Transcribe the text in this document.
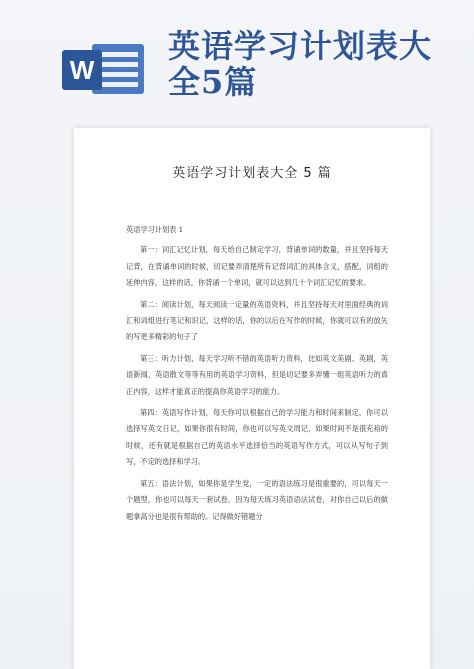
W
英语学习计划表大全5篇
英语学习计划表大全 5 篇

英语学习计划表 1

第一：词汇记忆计划，每天给自己制定学习，背诵单词的数量，并且坚持每天记背，在背诵单词的时候，切记要弄清楚所有记背词汇的具体含义，搭配，词组的延伸内容，这样的话，你背诵一个单词，就可以达到几十个词汇记忆的要求。

第二：阅读计划，每天阅读一定量的英语资料，并且坚持每天对里面经典的词汇和词组进行笔记和识记，这样的话，你的以后在写作的时候，你就可以有的放矢的写更多精彩的句子了

第三：听力计划，每天学习听不错的英语听力资料，比如英文美剧、英剧，英语新闻，英语散文等等有用的英语学习资料，但是切记要多弄懂一组英语听力的真正内容，这样才能真正的提高你英语学习的能力。

第四：英语写作计划，每天你可以根据自己的学习能力和时间来制定，你可以选择写英文日记，如果你很有时间，你也可以写英文周记，如果时间不是很充裕的时候，还有就是根据自己的英语水平选择恰当的英语写作方式，可以从写句子到写，不定的选择和学习。

第五：语法计划，如果你是学生党，一定的语法练习是很重要的，可以每天一个题型，你也可以每天一套试卷，因为每天练习英语语法试卷，对你自己以后的做题拿高分也是很有帮助的。记得做好错题分
